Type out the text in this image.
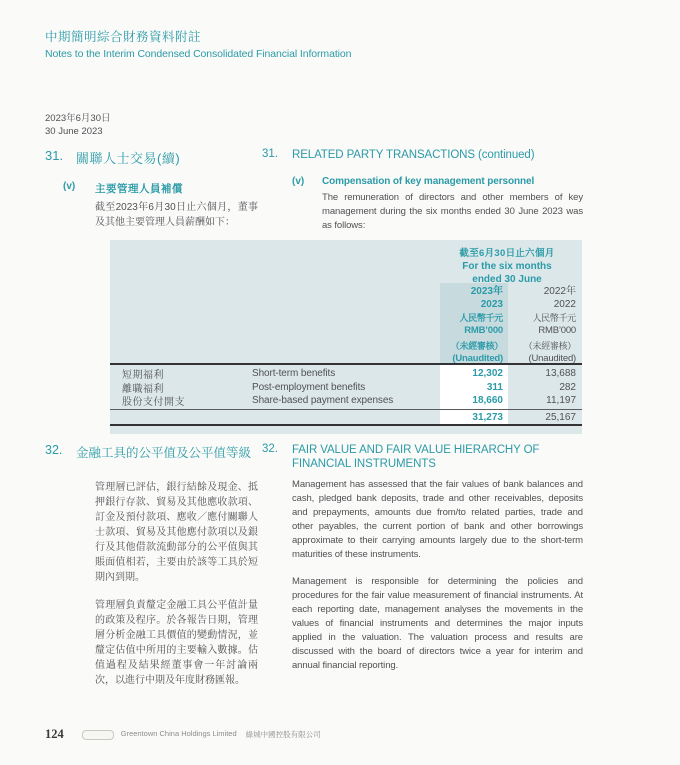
中期簡明綜合財務資料附註
Notes to the Interim Condensed Consolidated Financial Information
2023年6月30日
30 June 2023
31. 關聯人士交易(續)
(v)	主要管理人員補償
截至2023年6月30日止六個月，董事及其他主要管理人員薪酬如下：
31.	RELATED PARTY TRANSACTIONS (continued)
(v)	Compensation of key management personnel
The remuneration of directors and other members of key management during the six months ended 30 June 2023 was as follows:
截至6月30日止六個月
For the six months
ended 30 June
2023年
2023
人民幣千元
RMB’000
（未經審核）
(Unaudited)
2022年
2022
人民幣千元
RMB’000
（未經審核）
(Unaudited)
短期福利	Short-term benefits	12,302	13,688
離職福利	Post-employment benefits	311	282
股份支付開支	Share-based payment expenses	18,660	11,197
31,273	25,167
32.	金融工具的公平值及公平值等級
管理層已評估，銀行結餘及現金、抵押銀行存款、貿易及其他應收款項、訂金及預付款項、應收／應付關聯人士款項、貿易及其他應付款項以及銀行及其他借款流動部分的公平值與其賬面值相若，主要由於該等工具於短期內到期。
管理層負責釐定金融工具公平值計量的政策及程序。於各報告日期，管理層分析金融工具價值的變動情況，並釐定估值中所用的主要輸入數據。估值過程及結果經董事會一年討論兩次，以進行中期及年度財務匯報。
32.	FAIR VALUE AND FAIR VALUE HIERARCHY OF
FINANCIAL INSTRUMENTS
Management has assessed that the fair values of bank balances and cash, pledged bank deposits, trade and other receivables, deposits and prepayments, amounts due from/to related parties, trade and other payables, the current portion of bank and other borrowings approximate to their carrying amounts largely due to the short-term maturities of these instruments.
Management is responsible for determining the policies and procedures for the fair value measurement of financial instruments. At each reporting date, management analyses the movements in the values of financial instruments and determines the major inputs applied in the valuation. The valuation process and results are discussed with the board of directors twice a year for interim and annual financial reporting.
124	Greentown China Holdings Limited 綠城中國控股有限公司
